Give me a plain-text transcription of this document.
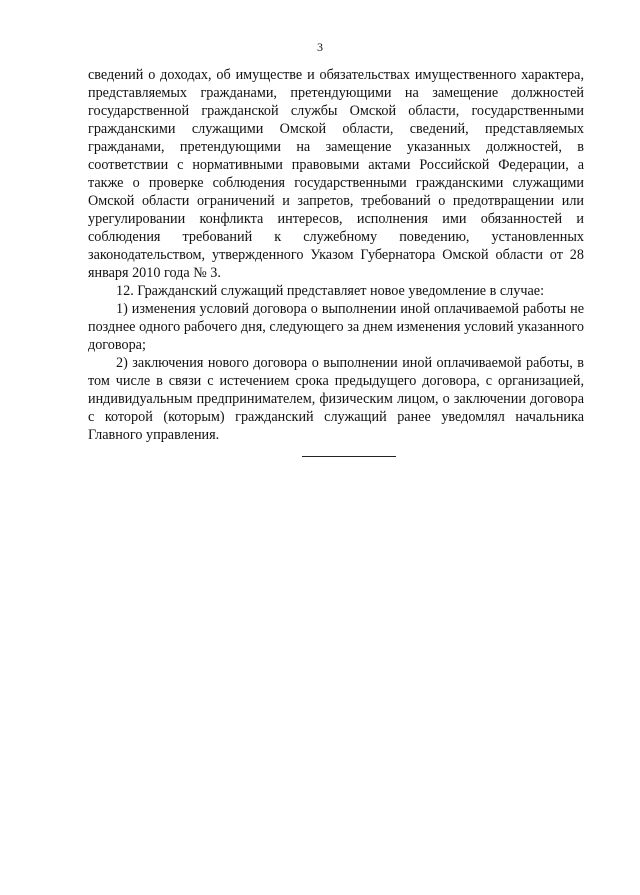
3

сведений о доходах, об имуществе и обязательствах имущественного характера, представляемых гражданами, претендующими на замещение должностей государственной гражданской службы Омской области, государственными гражданскими служащими Омской области, сведений, представляемых гражданами, претендующими на замещение указанных должностей, в соответствии с нормативными правовыми актами Российской Федерации, а также о проверке соблюдения государственными гражданскими служащими Омской области ограничений и запретов, требований о предотвращении или урегулировании конфликта интересов, исполнения ими обязанностей и соблюдения требований к служебному поведению, установленных законодательством, утвержденного Указом Губернатора Омской области от 28 января 2010 года № 3.

12. Гражданский служащий представляет новое уведомление в случае:

1) изменения условий договора о выполнении иной оплачиваемой работы не позднее одного рабочего дня, следующего за днем изменения условий указанного договора;

2) заключения нового договора о выполнении иной оплачиваемой работы, в том числе в связи с истечением срока предыдущего договора, с организацией, индивидуальным предпринимателем, физическим лицом, о заключении договора с которой (которым) гражданский служащий ранее уведомлял начальника Главного управления.
